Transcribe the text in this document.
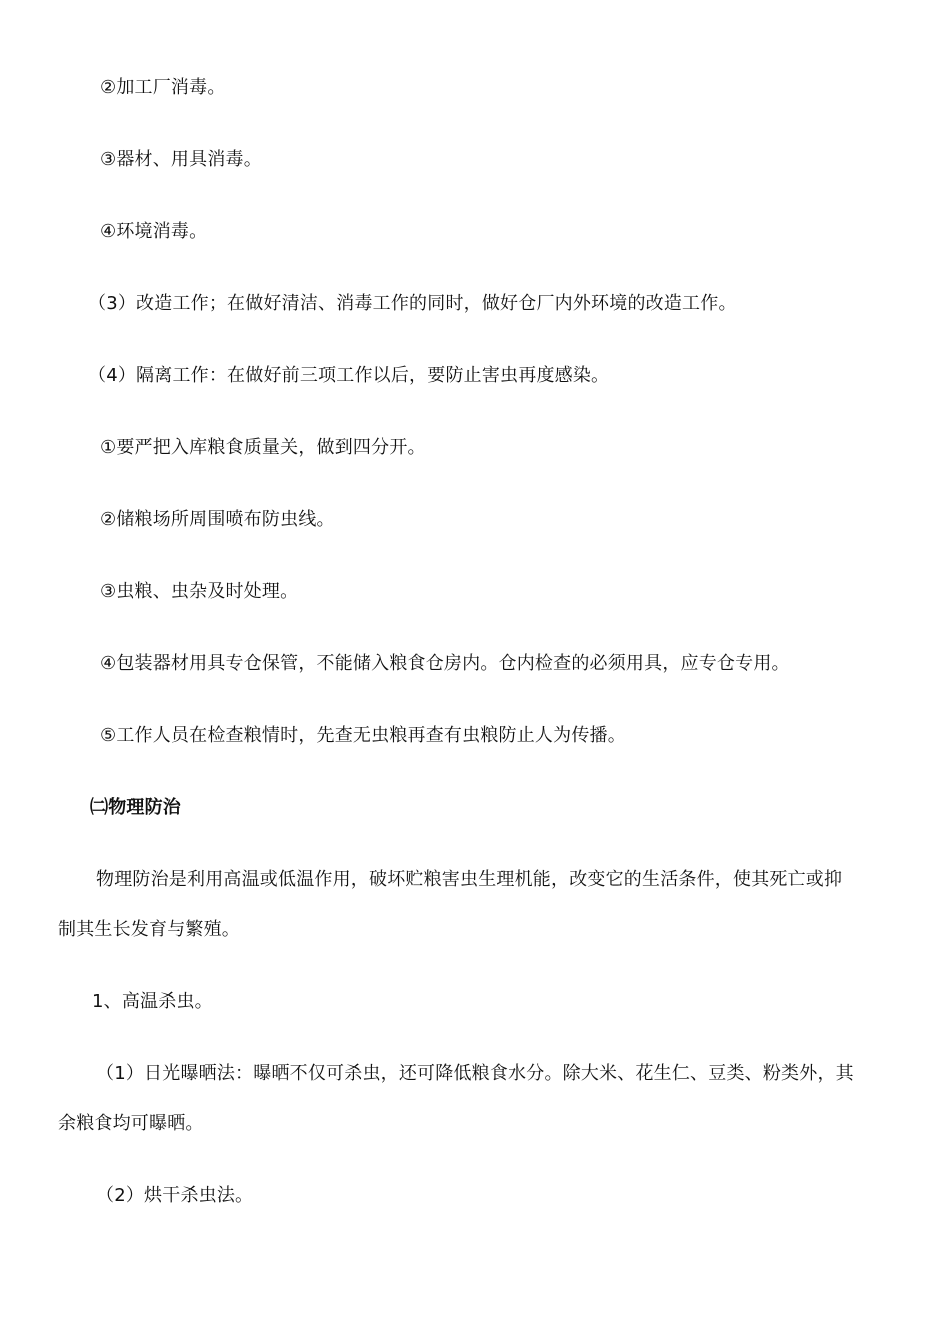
②加工厂消毒。
③器材、用具消毒。
④环境消毒。
（3）改造工作；在做好清洁、消毒工作的同时，做好仓厂内外环境的改造工作。
（4）隔离工作：在做好前三项工作以后，要防止害虫再度感染。
①要严把入库粮食质量关，做到四分开。
②储粮场所周围喷布防虫线。
③虫粮、虫杂及时处理。
④包装器材用具专仓保管，不能储入粮食仓房内。仓内检查的必须用具，应专仓专用。
⑤工作人员在检查粮情时，先查无虫粮再查有虫粮防止人为传播。
㈡物理防治
物理防治是利用高温或低温作用，破坏贮粮害虫生理机能，改变它的生活条件，使其死亡或抑
制其生长发育与繁殖。
1、高温杀虫。
（1）日光曝晒法：曝晒不仅可杀虫，还可降低粮食水分。除大米、花生仁、豆类、粉类外，其
余粮食均可曝晒。
（2）烘干杀虫法。
